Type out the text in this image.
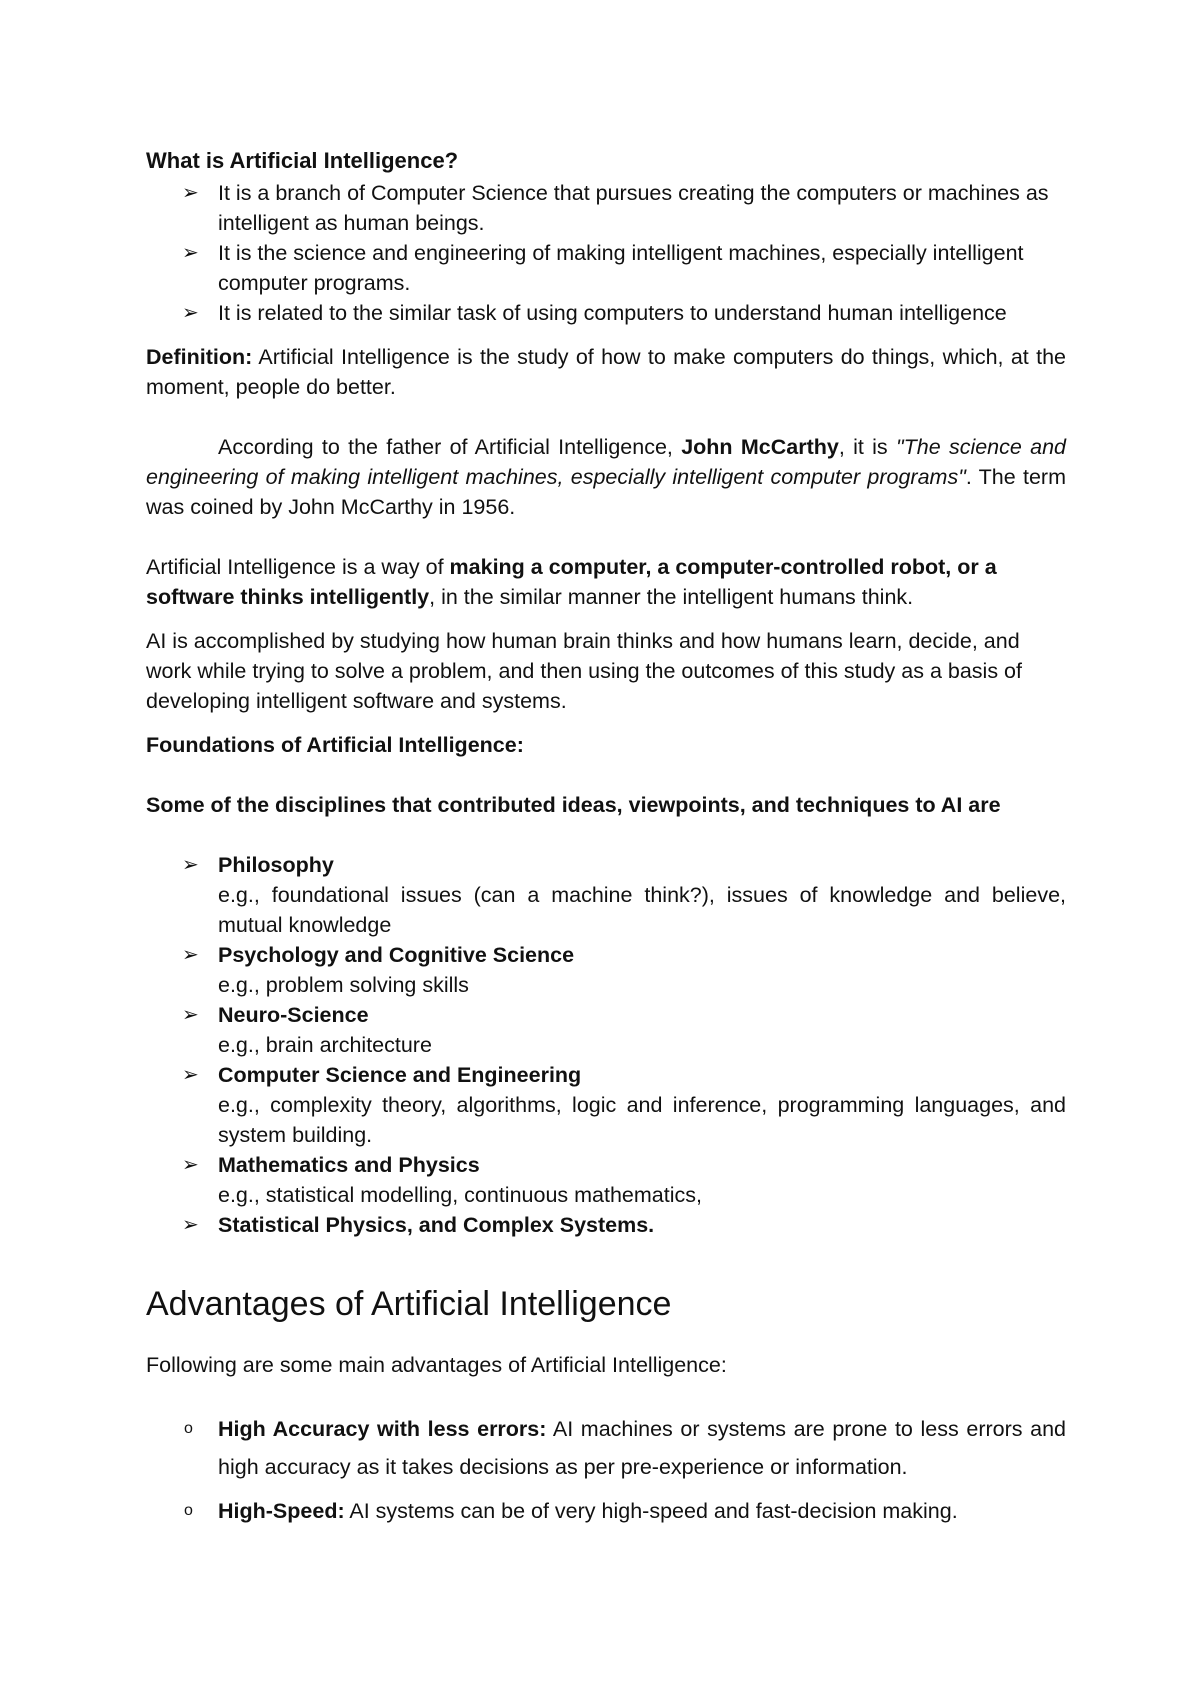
What is Artificial Intelligence?

➢ It is a branch of Computer Science that pursues creating the computers or machines as intelligent as human beings.
➢ It is the science and engineering of making intelligent machines, especially intelligent computer programs.
➢ It is related to the similar task of using computers to understand human intelligence

Definition: Artificial Intelligence is the study of how to make computers do things, which, at the moment, people do better.

According to the father of Artificial Intelligence, John McCarthy, it is "The science and engineering of making intelligent machines, especially intelligent computer programs". The term was coined by John McCarthy in 1956.

Artificial Intelligence is a way of making a computer, a computer-controlled robot, or a software thinks intelligently, in the similar manner the intelligent humans think.

AI is accomplished by studying how human brain thinks and how humans learn, decide, and work while trying to solve a problem, and then using the outcomes of this study as a basis of developing intelligent software and systems.

Foundations of Artificial Intelligence:

Some of the disciplines that contributed ideas, viewpoints, and techniques to AI are

➢ Philosophy
e.g., foundational issues (can a machine think?), issues of knowledge and believe, mutual knowledge
➢ Psychology and Cognitive Science
e.g., problem solving skills
➢ Neuro-Science
e.g., brain architecture
➢ Computer Science and Engineering
e.g., complexity theory, algorithms, logic and inference, programming languages, and system building.
➢ Mathematics and Physics
e.g., statistical modelling, continuous mathematics,
➢ Statistical Physics, and Complex Systems.

Advantages of Artificial Intelligence

Following are some main advantages of Artificial Intelligence:

o High Accuracy with less errors: AI machines or systems are prone to less errors and high accuracy as it takes decisions as per pre-experience or information.
o High-Speed: AI systems can be of very high-speed and fast-decision making.
